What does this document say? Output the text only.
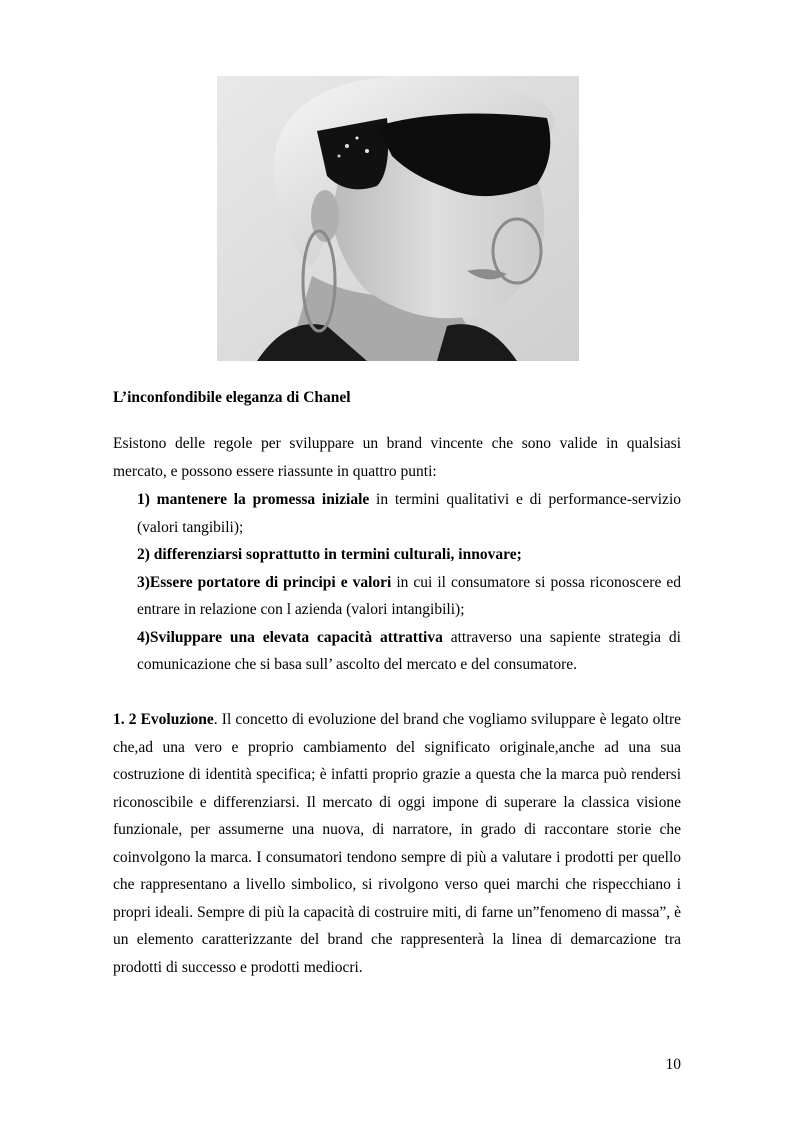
L’inconfondibile eleganza di Chanel

Esistono delle regole per sviluppare un brand vincente che sono valide in qualsiasi mercato, e possono essere riassunte in quattro punti:

1) mantenere la promessa iniziale in termini qualitativi e di performance-servizio (valori tangibili);

2) differenziarsi soprattutto in termini culturali, innovare;

3)Essere portatore di principi e valori in cui il consumatore si possa riconoscere ed entrare in relazione con l azienda (valori intangibili);

4)Sviluppare una elevata capacità attrattiva attraverso una sapiente strategia di comunicazione che si basa sull’ ascolto del mercato e del consumatore.

1. 2 Evoluzione. Il concetto di evoluzione del brand che vogliamo sviluppare è legato oltre che,ad una vero e proprio cambiamento del significato originale,anche ad una sua costruzione di identità specifica; è infatti proprio grazie a questa che la marca può rendersi riconoscibile e differenziarsi. Il mercato di oggi impone di superare la classica visione funzionale, per assumerne una nuova, di narratore, in grado di raccontare storie che coinvolgono la marca. I consumatori tendono sempre di più a valutare i prodotti per quello che rappresentano a livello simbolico, si rivolgono verso quei marchi che rispecchiano i propri ideali. Sempre di più la capacità di costruire miti, di farne un”fenomeno di massa”, è un elemento caratterizzante del brand che rappresenterà la linea di demarcazione tra prodotti di successo e prodotti mediocri.

10
